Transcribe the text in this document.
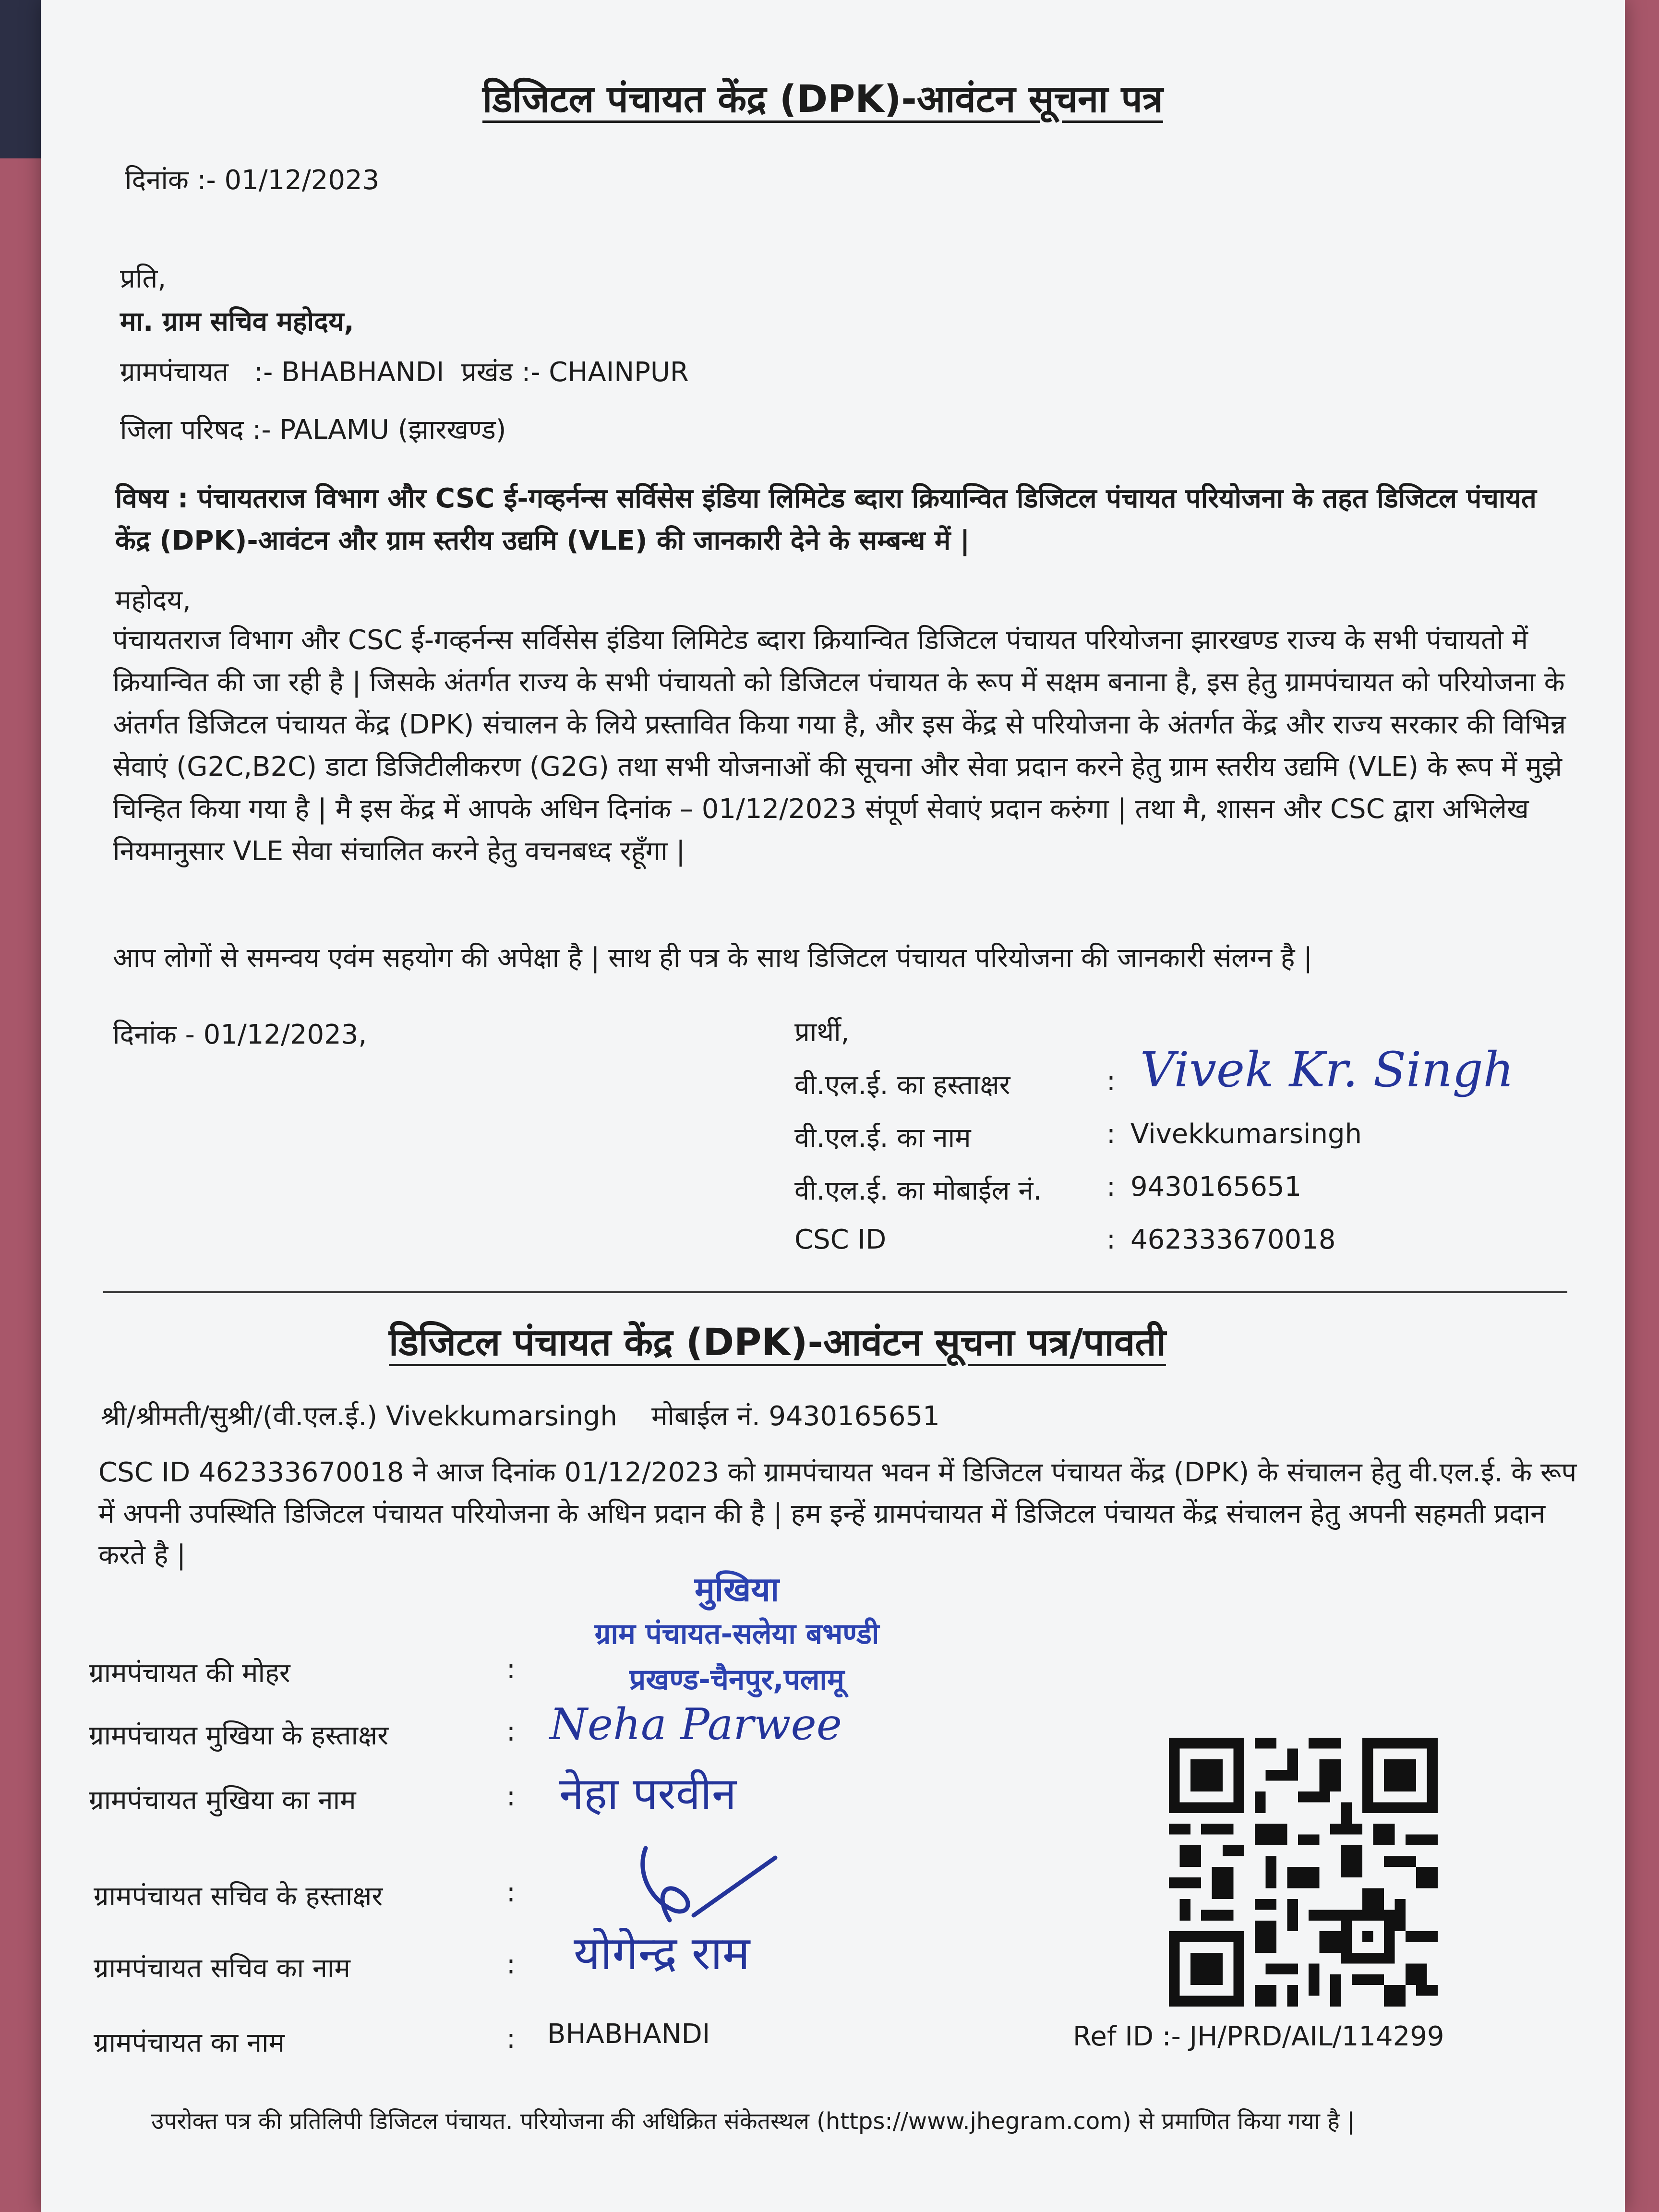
डिजिटल पंचायत केंद्र (DPK)-आवंटन सूचना पत्र
दिनांक :- 01/12/2023
प्रति,
मा. ग्राम सचिव महोदय,
ग्रामपंचायत   :- BHABHANDI  प्रखंड :- CHAINPUR
जिला परिषद :- PALAMU (झारखण्ड)
विषय : पंचायतराज विभाग और CSC ई-गव्हर्नन्स सर्विसेस इंडिया लिमिटेड ब्दारा क्रियान्वित डिजिटल पंचायत परियोजना के तहत डिजिटल पंचायत केंद्र (DPK)-आवंटन और ग्राम स्तरीय उद्यमि (VLE) की जानकारी देने के सम्बन्ध में |
महोदय,
पंचायतराज विभाग और CSC ई-गव्हर्नन्स सर्विसेस इंडिया लिमिटेड ब्दारा क्रियान्वित डिजिटल पंचायत परियोजना झारखण्ड राज्य के सभी पंचायतो में क्रियान्वित की जा रही है | जिसके अंतर्गत राज्य के सभी पंचायतो को डिजिटल पंचायत के रूप में सक्षम बनाना है, इस हेतु ग्रामपंचायत को परियोजना के अंतर्गत डिजिटल पंचायत केंद्र (DPK) संचालन के लिये प्रस्तावित किया गया है, और इस केंद्र से परियोजना के अंतर्गत केंद्र और राज्य सरकार की विभिन्न सेवाएं (G2C,B2C) डाटा डिजिटीलीकरण (G2G) तथा सभी योजनाओं की सूचना और सेवा प्रदान करने हेतु ग्राम स्तरीय उद्यमि (VLE) के रूप में मुझे चिन्हित किया गया है | मै इस केंद्र में आपके अधिन दिनांक – 01/12/2023 संपूर्ण सेवाएं प्रदान करुंगा | तथा मै, शासन और CSC द्वारा अभिलेख नियमानुसार VLE सेवा संचालित करने हेतु वचनबध्द रहूँगा |
आप लोगों से समन्वय एवंम सहयोग की अपेक्षा है | साथ ही पत्र के साथ डिजिटल पंचायत परियोजना की जानकारी संलग्न है |
दिनांक - 01/12/2023,	प्रार्थी,
वी.एल.ई. का हस्ताक्षर	: Vivek Kr. Singh
वी.एल.ई. का नाम	: Vivekkumarsingh
वी.एल.ई. का मोबाईल नं. : 9430165651
CSC ID	: 462333670018
डिजिटल पंचायत केंद्र (DPK)-आवंटन सूचना पत्र/पावती
श्री/श्रीमती/सुश्री/(वी.एल.ई.) Vivekkumarsingh    मोबाईल नं. 9430165651
CSC ID 462333670018 ने आज दिनांक 01/12/2023 को ग्रामपंचायत भवन में डिजिटल पंचायत केंद्र (DPK) के संचालन हेतु वी.एल.ई. के रूप में अपनी उपस्थिति डिजिटल पंचायत परियोजना के अधिन प्रदान की है | हम इन्हें ग्रामपंचायत में डिजिटल पंचायत केंद्र संचालन हेतु अपनी सहमती प्रदान करते है |
मुखिया
ग्राम पंचायत-सलेया बभण्डी
प्रखण्ड-चैनपुर,पलामू
ग्रामपंचायत की मोहर	:
ग्रामपंचायत मुखिया के हस्ताक्षर	: Neha Parwee
ग्रामपंचायत मुखिया का नाम	: नेहा परवीन
ग्रामपंचायत सचिव के हस्ताक्षर	:
ग्रामपंचायत सचिव का नाम	: योगेन्द्र राम
ग्रामपंचायत का नाम	: BHABHANDI	Ref ID :- JH/PRD/AIL/114299
उपरोक्त पत्र की प्रतिलिपी डिजिटल पंचायत. परियोजना की अधिक्रित संकेतस्थल (https://www.jhegram.com) से प्रमाणित किया गया है |
